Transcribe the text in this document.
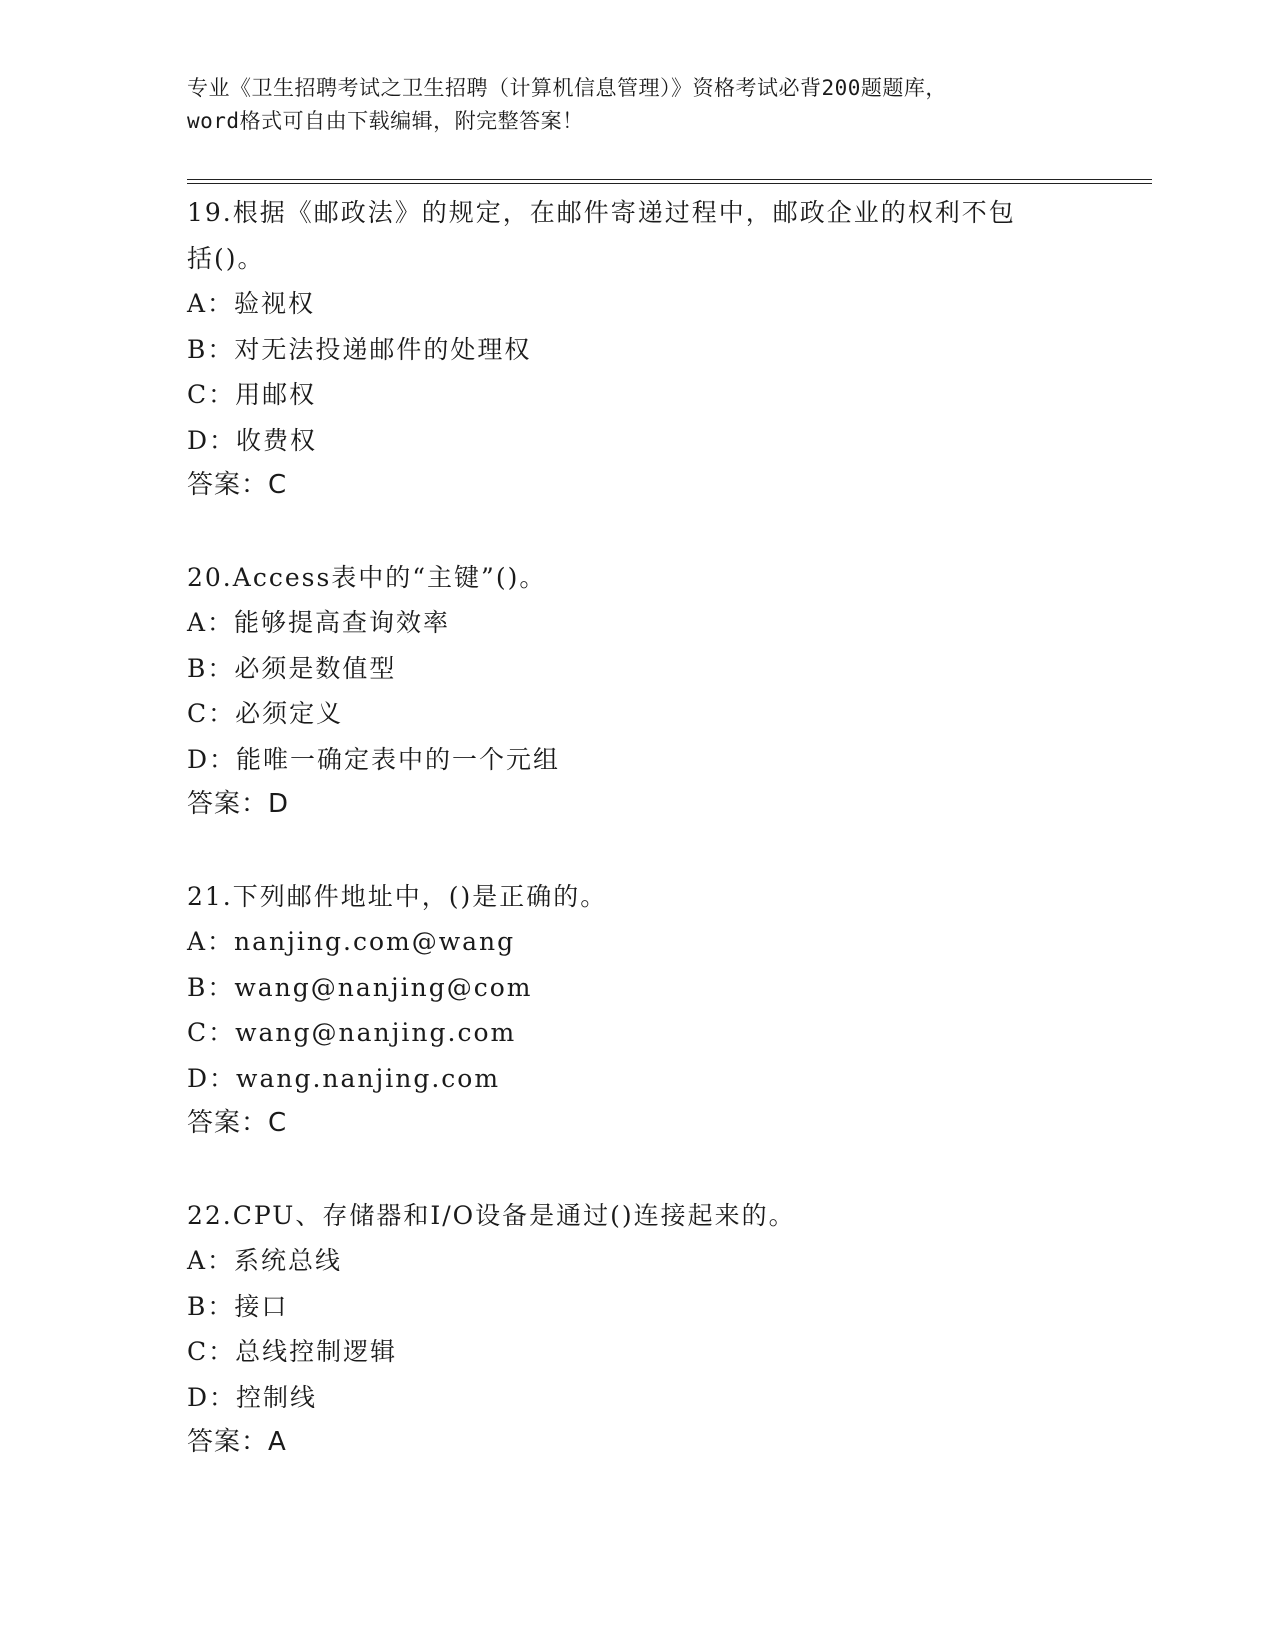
专业《卫生招聘考试之卫生招聘（计算机信息管理）》资格考试必背200题题库，
word格式可自由下载编辑，附完整答案！
19.根据《邮政法》的规定，在邮件寄递过程中，邮政企业的权利不包
括()。
A：验视权
B：对无法投递邮件的处理权
C：用邮权
D：收费权
答案：C
20.Access表中的“主键”()。
A：能够提高查询效率
B：必须是数值型
C：必须定义
D：能唯一确定表中的一个元组
答案：D
21.下列邮件地址中，()是正确的。
A：nanjing.com@wang
B：wang@nanjing@com
C：wang@nanjing.com
D：wang.nanjing.com
答案：C
22.CPU、存储器和I/O设备是通过()连接起来的。
A：系统总线
B：接口
C：总线控制逻辑
D：控制线
答案：A
